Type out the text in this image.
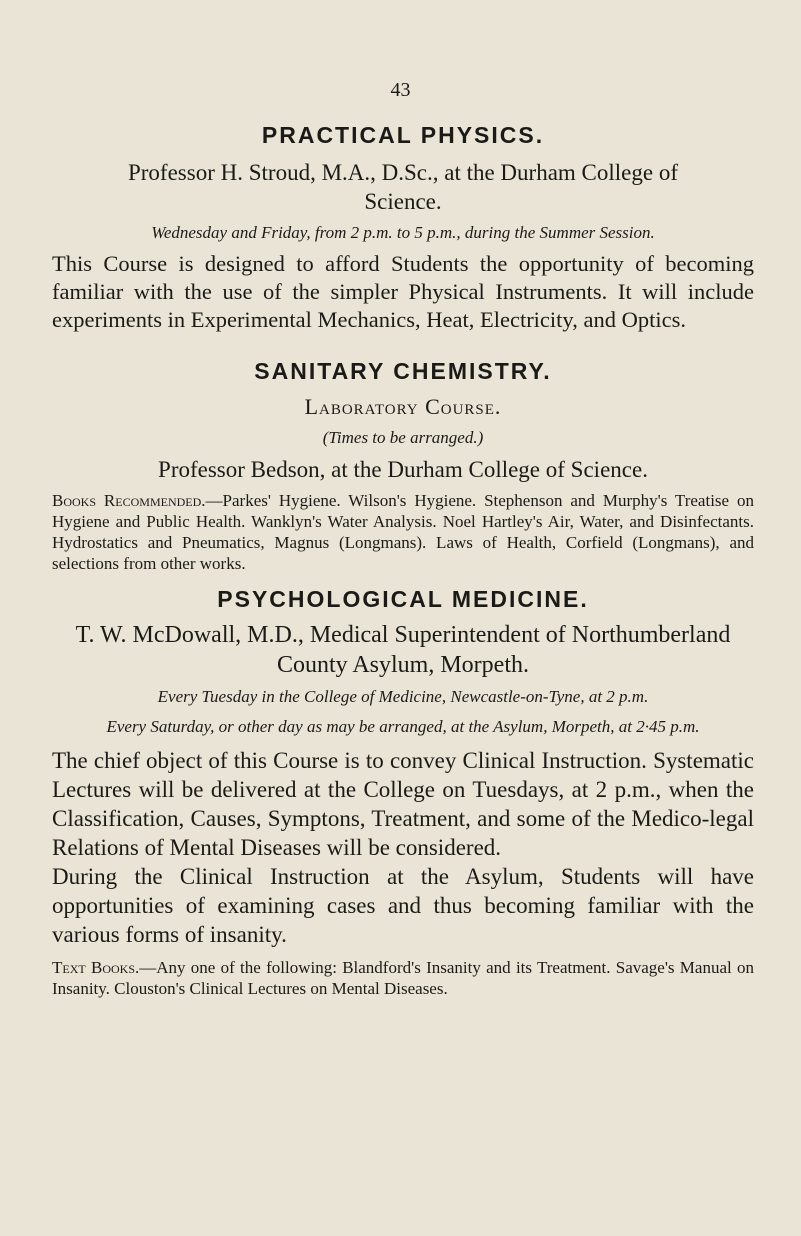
43
PRACTICAL PHYSICS.
Professor H. Stroud, M.A., D.Sc., at the Durham College of Science.
Wednesday and Friday, from 2 p.m. to 5 p.m., during the Summer Session.
This Course is designed to afford Students the opportunity of becoming familiar with the use of the simpler Physical Instruments. It will include experiments in Experimental Mechanics, Heat, Electricity, and Optics.
SANITARY CHEMISTRY.
Laboratory Course.
(Times to be arranged.)
Professor Bedson, at the Durham College of Science.
Books Recommended.—Parkes' Hygiene. Wilson's Hygiene. Stephenson and Murphy's Treatise on Hygiene and Public Health. Wanklyn's Water Analysis. Noel Hartley's Air, Water, and Disinfectants. Hydrostatics and Pneumatics, Magnus (Longmans). Laws of Health, Corfield (Longmans), and selections from other works.
PSYCHOLOGICAL MEDICINE.
T. W. McDowall, M.D., Medical Superintendent of Northumberland County Asylum, Morpeth.
Every Tuesday in the College of Medicine, Newcastle-on-Tyne, at 2 p.m.
Every Saturday, or other day as may be arranged, at the Asylum, Morpeth, at 2·45 p.m.
The chief object of this Course is to convey Clinical Instruction. Systematic Lectures will be delivered at the College on Tuesdays, at 2 p.m., when the Classification, Causes, Symptons, Treatment, and some of the Medico-legal Relations of Mental Diseases will be considered.
During the Clinical Instruction at the Asylum, Students will have opportunities of examining cases and thus becoming familiar with the various forms of insanity.
Text Books.—Any one of the following: Blandford's Insanity and its Treatment. Savage's Manual on Insanity. Clouston's Clinical Lectures on Mental Diseases.
